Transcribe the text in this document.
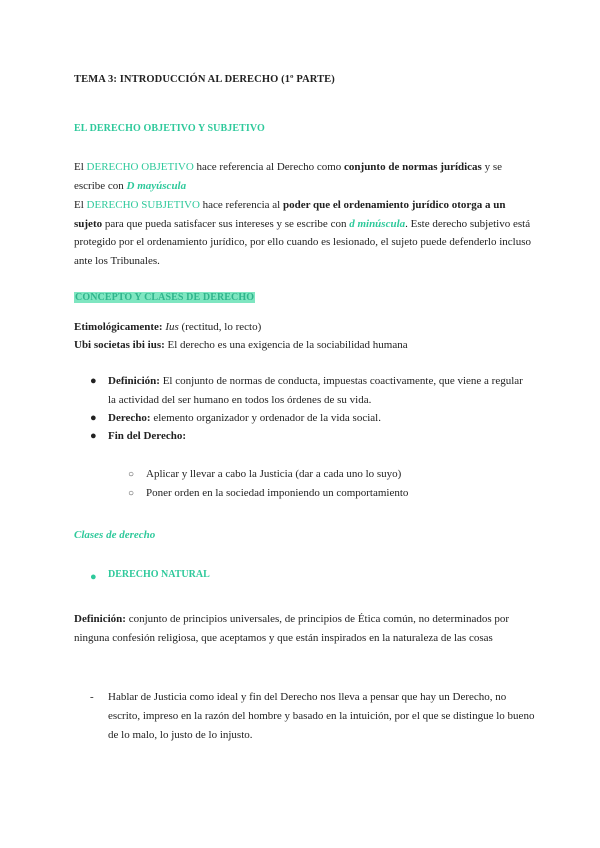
TEMA 3: INTRODUCCIÓN AL DERECHO (1º PARTE)
EL DERECHO OBJETIVO Y SUBJETIVO
El DERECHO OBJETIVO hace referencia al Derecho como conjunto de normas jurídicas y se escribe con D mayúscula
El DERECHO SUBJETIVO hace referencia al poder que el ordenamiento jurídico otorga a un sujeto para que pueda satisfacer sus intereses y se escribe con d minúscula. Este derecho subjetivo está protegido por el ordenamiento jurídico, por ello cuando es lesionado, el sujeto puede defenderlo incluso ante los Tribunales.
CONCEPTO Y CLASES DE DERECHO
Etimológicamente: Ius (rectitud, lo recto)
Ubi societas ibi ius: El derecho es una exigencia de la sociabilidad humana
● Definición: El conjunto de normas de conducta, impuestas coactivamente, que viene a regular la actividad del ser humano en todos los órdenes de su vida.
● Derecho: elemento organizador y ordenador de la vida social.
● Fin del Derecho:
○ Aplicar y llevar a cabo la Justicia (dar a cada uno lo suyo)
○ Poner orden en la sociedad imponiendo un comportamiento
Clases de derecho
● DERECHO NATURAL
Definición: conjunto de principios universales, de principios de Ética común, no determinados por ninguna confesión religiosa, que aceptamos y que están inspirados en la naturaleza de las cosas
- Hablar de Justicia como ideal y fin del Derecho nos lleva a pensar que hay un Derecho, no escrito, impreso en la razón del hombre y basado en la intuición, por el que se distingue lo bueno de lo malo, lo justo de lo injusto.
